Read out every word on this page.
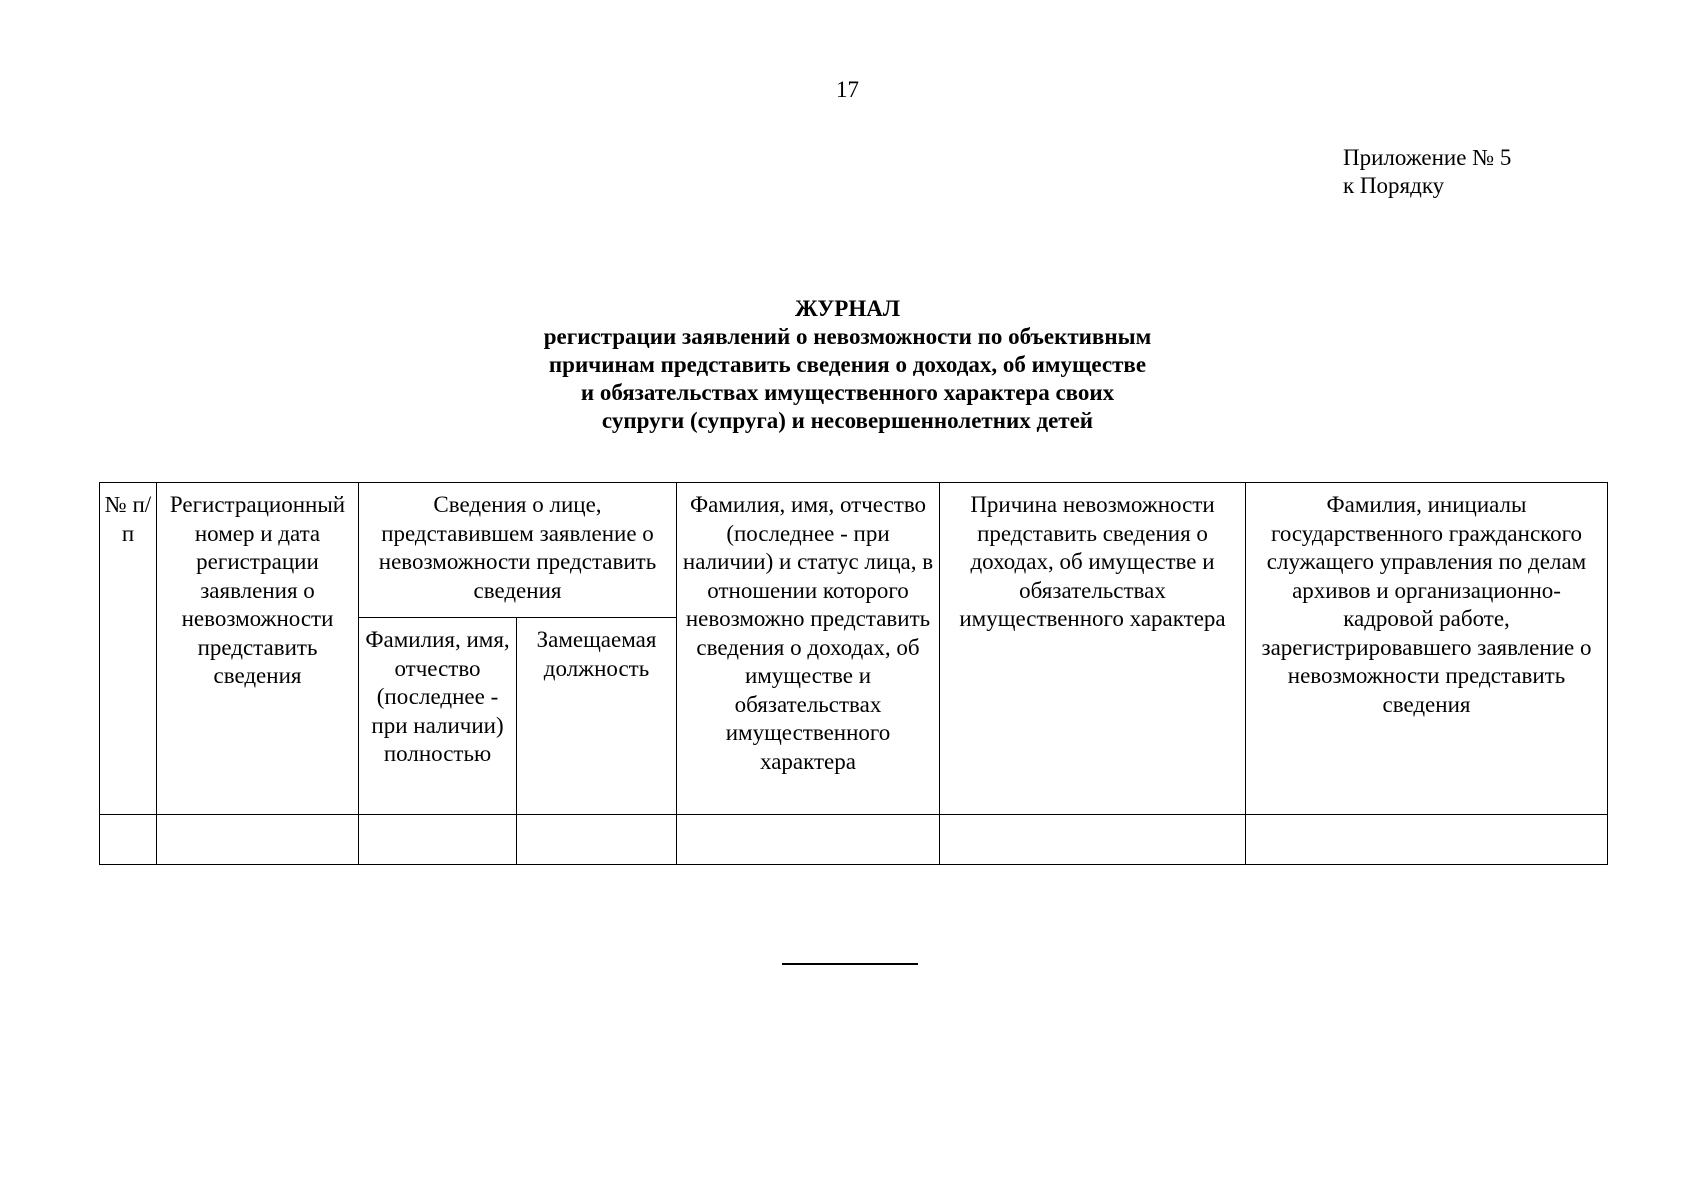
17
Приложение № 5
к Порядку
ЖУРНАЛ
регистрации заявлений о невозможности по объективным
причинам представить сведения о доходах, об имуществе
и обязательствах имущественного характера своих
супруги (супруга) и несовершеннолетних детей
№ п/п	Регистрационный номер и дата регистрации заявления о невозможности представить сведения	Сведения о лице, представившем заявление о невозможности представить сведения		Фамилия, имя, отчество (последнее - при наличии) и статус лица, в отношении которого невозможно представить сведения о доходах, об имуществе и обязательствах имущественного характера	Причина невозможности представить сведения о доходах, об имуществе и обязательствах имущественного характера	Фамилия, инициалы государственного гражданского служащего управления по делам архивов и организационно-кадровой работе, зарегистрировавшего заявление о невозможности представить сведения
		Фамилия, имя, отчество (последнее - при наличии) полностью	Замещаемая должность			
